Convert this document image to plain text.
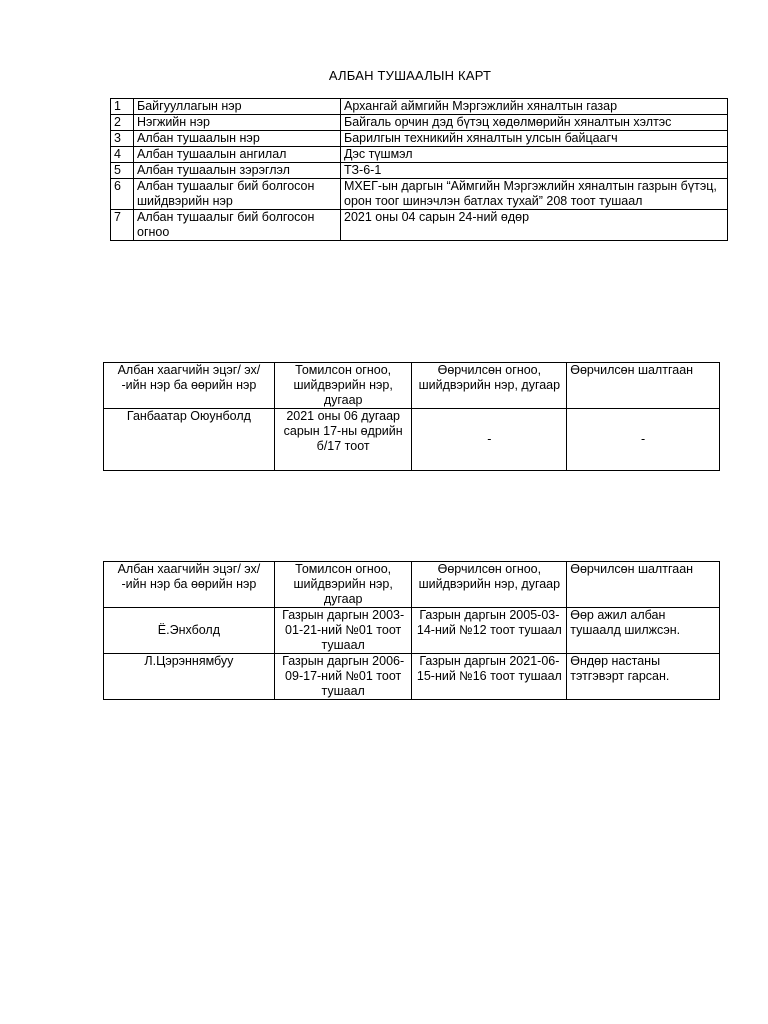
АЛБАН ТУШААЛЫН КАРТ
1	Байгууллагын нэр	Архангай аймгийн Мэргэжлийн хяналтын газар
2	Нэгжийн нэр	Байгаль орчин дэд бүтэц хөдөлмөрийн хяналтын хэлтэс
3	Албан тушаалын нэр	Барилгын техникийн хяналтын улсын байцаагч
4	Албан тушаалын ангилал	Дэс түшмэл
5	Албан тушаалын зэрэглэл	ТЗ-6-1
6	Албан тушаалыг бий болгосон шийдвэрийн нэр	МХЕГ-ын даргын “Аймгийн Мэргэжлийн хяналтын газрын бүтэц, орон тоог шинэчлэн батлах тухай” 208 тоот тушаал
7	Албан тушаалыг бий болгосон огноо	2021 оны 04 сарын 24-ний өдөр
Албан хаагчийн эцэг/ эх/ -ийн нэр ба өөрийн нэр	Томилсон огноо, шийдвэрийн нэр, дугаар	Өөрчилсөн огноо, шийдвэрийн нэр, дугаар	Өөрчилсөн шалтгаан
Ганбаатар Оюунболд	2021 оны 06 дугаар сарын 17-ны өдрийн б/17 тоот	-	-
Албан хаагчийн эцэг/ эх/ -ийн нэр ба өөрийн нэр	Томилсон огноо, шийдвэрийн нэр, дугаар	Өөрчилсөн огноо, шийдвэрийн нэр, дугаар	Өөрчилсөн шалтгаан
Ё.Энхболд	Газрын даргын 2003-01-21-ний №01 тоот тушаал	Газрын даргын 2005-03-14-ний №12 тоот тушаал	Өөр ажил албан тушаалд шилжсэн.
Л.Цэрэннямбуу	Газрын даргын 2006-09-17-ний №01 тоот тушаал	Газрын даргын 2021-06-15-ний №16 тоот тушаал	Өндөр настаны тэтгэвэрт гарсан.
